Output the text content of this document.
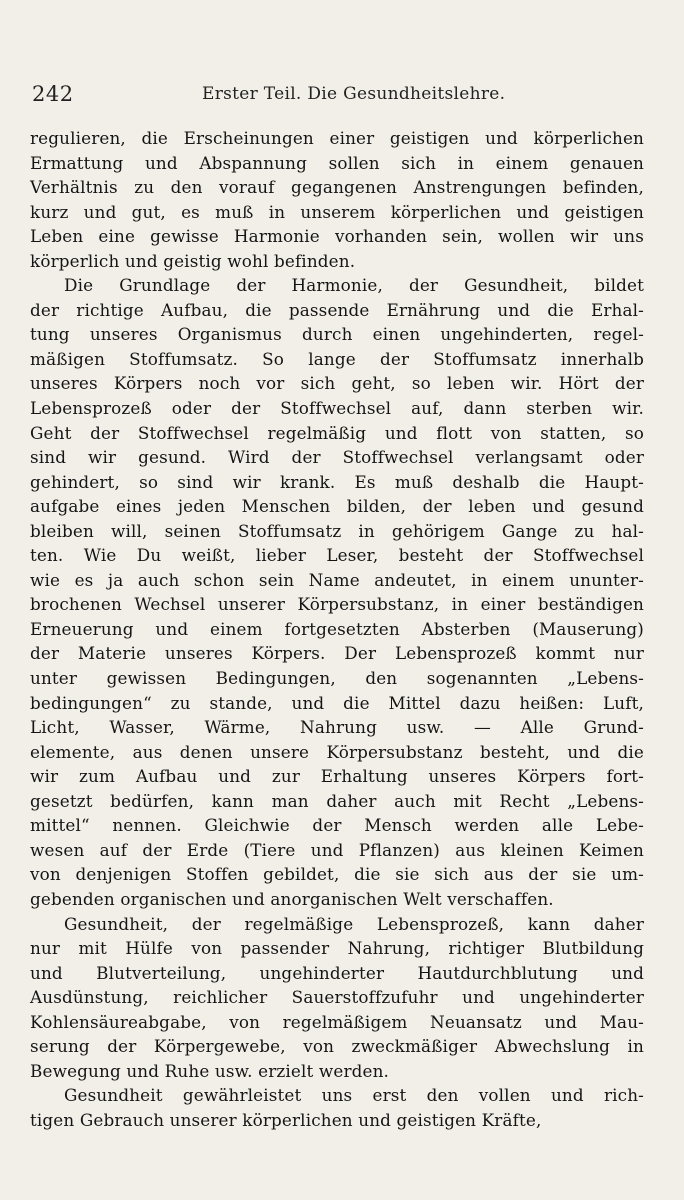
242	Erster Teil. Die Gesundheitslehre.

regulieren, die Erscheinungen einer geistigen und körperlichen
Ermattung und Abspannung sollen sich in einem genauen
Verhältnis zu den vorauf gegangenen Anstrengungen befinden,
kurz und gut, es muß in unserem körperlichen und geistigen
Leben eine gewisse Harmonie vorhanden sein, wollen wir uns
körperlich und geistig wohl befinden.

Die Grundlage der Harmonie, der Gesundheit, bildet
der richtige Aufbau, die passende Ernährung und die Erhal-
tung unseres Organismus durch einen ungehinderten, regel-
mäßigen Stoffumsatz. So lange der Stoffumsatz innerhalb
unseres Körpers noch vor sich geht, so leben wir. Hört der
Lebensprozeß oder der Stoffwechsel auf, dann sterben wir.
Geht der Stoffwechsel regelmäßig und flott von statten, so
sind wir gesund. Wird der Stoffwechsel verlangsamt oder
gehindert, so sind wir krank. Es muß deshalb die Haupt-
aufgabe eines jeden Menschen bilden, der leben und gesund
bleiben will, seinen Stoffumsatz in gehörigem Gange zu hal-
ten. Wie Du weißt, lieber Leser, besteht der Stoffwechsel
wie es ja auch schon sein Name andeutet, in einem ununter-
brochenen Wechsel unserer Körpersubstanz, in einer beständigen
Erneuerung und einem fortgesetzten Absterben (Mauserung)
der Materie unseres Körpers. Der Lebensprozeß kommt nur
unter gewissen Bedingungen, den sogenannten „Lebens-
bedingungen“ zu stande, und die Mittel dazu heißen: Luft,
Licht, Wasser, Wärme, Nahrung usw. — Alle Grund-
elemente, aus denen unsere Körpersubstanz besteht, und die
wir zum Aufbau und zur Erhaltung unseres Körpers fort-
gesetzt bedürfen, kann man daher auch mit Recht „Lebens-
mittel“ nennen. Gleichwie der Mensch werden alle Lebe-
wesen auf der Erde (Tiere und Pflanzen) aus kleinen Keimen
von denjenigen Stoffen gebildet, die sie sich aus der sie um-
gebenden organischen und anorganischen Welt verschaffen.

Gesundheit, der regelmäßige Lebensprozeß, kann daher
nur mit Hülfe von passender Nahrung, richtiger Blutbildung
und Blutverteilung, ungehinderter Hautdurchblutung und
Ausdünstung, reichlicher Sauerstoffzufuhr und ungehinderter
Kohlensäureabgabe, von regelmäßigem Neuansatz und Mau-
serung der Körpergewebe, von zweckmäßiger Abwechslung in
Bewegung und Ruhe usw. erzielt werden.

Gesundheit gewährleistet uns erst den vollen und rich-
tigen Gebrauch unserer körperlichen und geistigen Kräfte,
